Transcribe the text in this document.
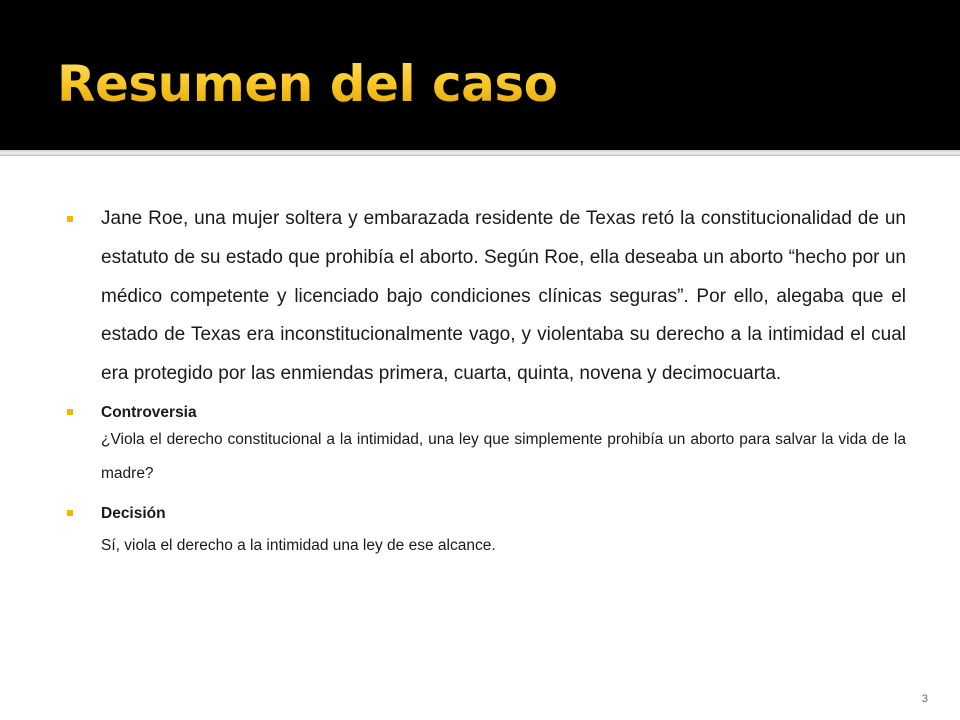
Resumen del caso
Jane Roe, una mujer soltera y embarazada residente de Texas retó la constitucionalidad de un estatuto de su estado que prohibía el aborto. Según Roe, ella deseaba un aborto “hecho por un médico competente y licenciado bajo condiciones clínicas seguras”. Por ello, alegaba que el estado de Texas era inconstitucionalmente vago, y violentaba su derecho a la intimidad el cual era protegido por las enmiendas primera, cuarta, quinta, novena y decimocuarta.
Controversia
¿Viola el derecho constitucional a la intimidad, una ley que simplemente prohibía un aborto para salvar la vida de la madre?
Decisión
Sí, viola el derecho a la intimidad una ley de ese alcance.
3
